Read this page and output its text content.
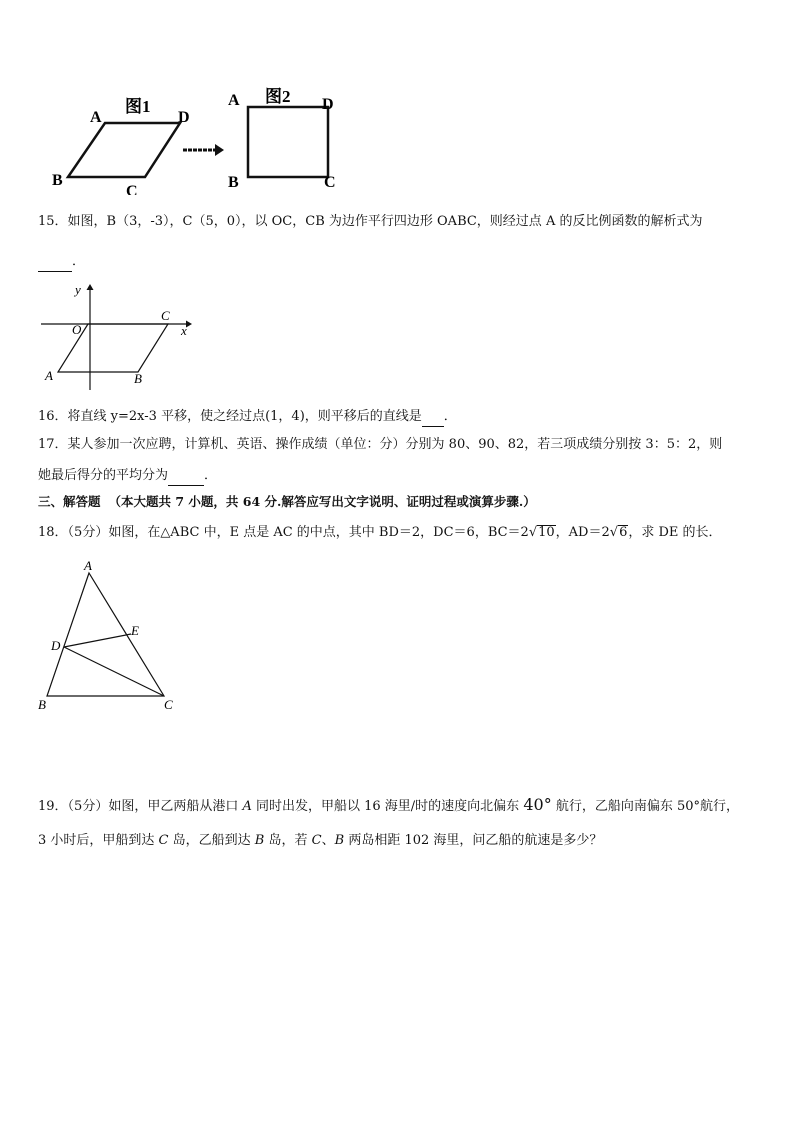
图1
A	D
B
C
图2
A	D
B	C
15．如图，B（3，-3），C（5，0），以 OC，CB 为边作平行四边形 OABC，则经过点 A 的反比例函数的解析式为
．
y
x
O
C
A	B
16．将直线 y=2x-3 平移，使之经过点(1，4)，则平移后的直线是 ．
17．某人参加一次应聘，计算机、英语、操作成绩（单位：分）分别为 80、90、82，若三项成绩分别按 3：5：2，则
她最后得分的平均分为	．
三、解答题 （本大题共 7 小题，共 64 分.解答应写出文字说明、证明过程或演算步骤.）
18．（5分）如图，在△ABC 中，E 点是 AC 的中点，其中 BD＝2，DC＝6，BC＝2√10，AD＝2√6，求 DE 的长．
A
D
E
B	C
19．（5分）如图，甲乙两船从港口 A 同时出发，甲船以 16 海里/时的速度向北偏东 40° 航行，乙船向南偏东 50°航行，
3 小时后，甲船到达 C 岛，乙船到达 B 岛，若 C、B 两岛相距 102 海里，问乙船的航速是多少？
